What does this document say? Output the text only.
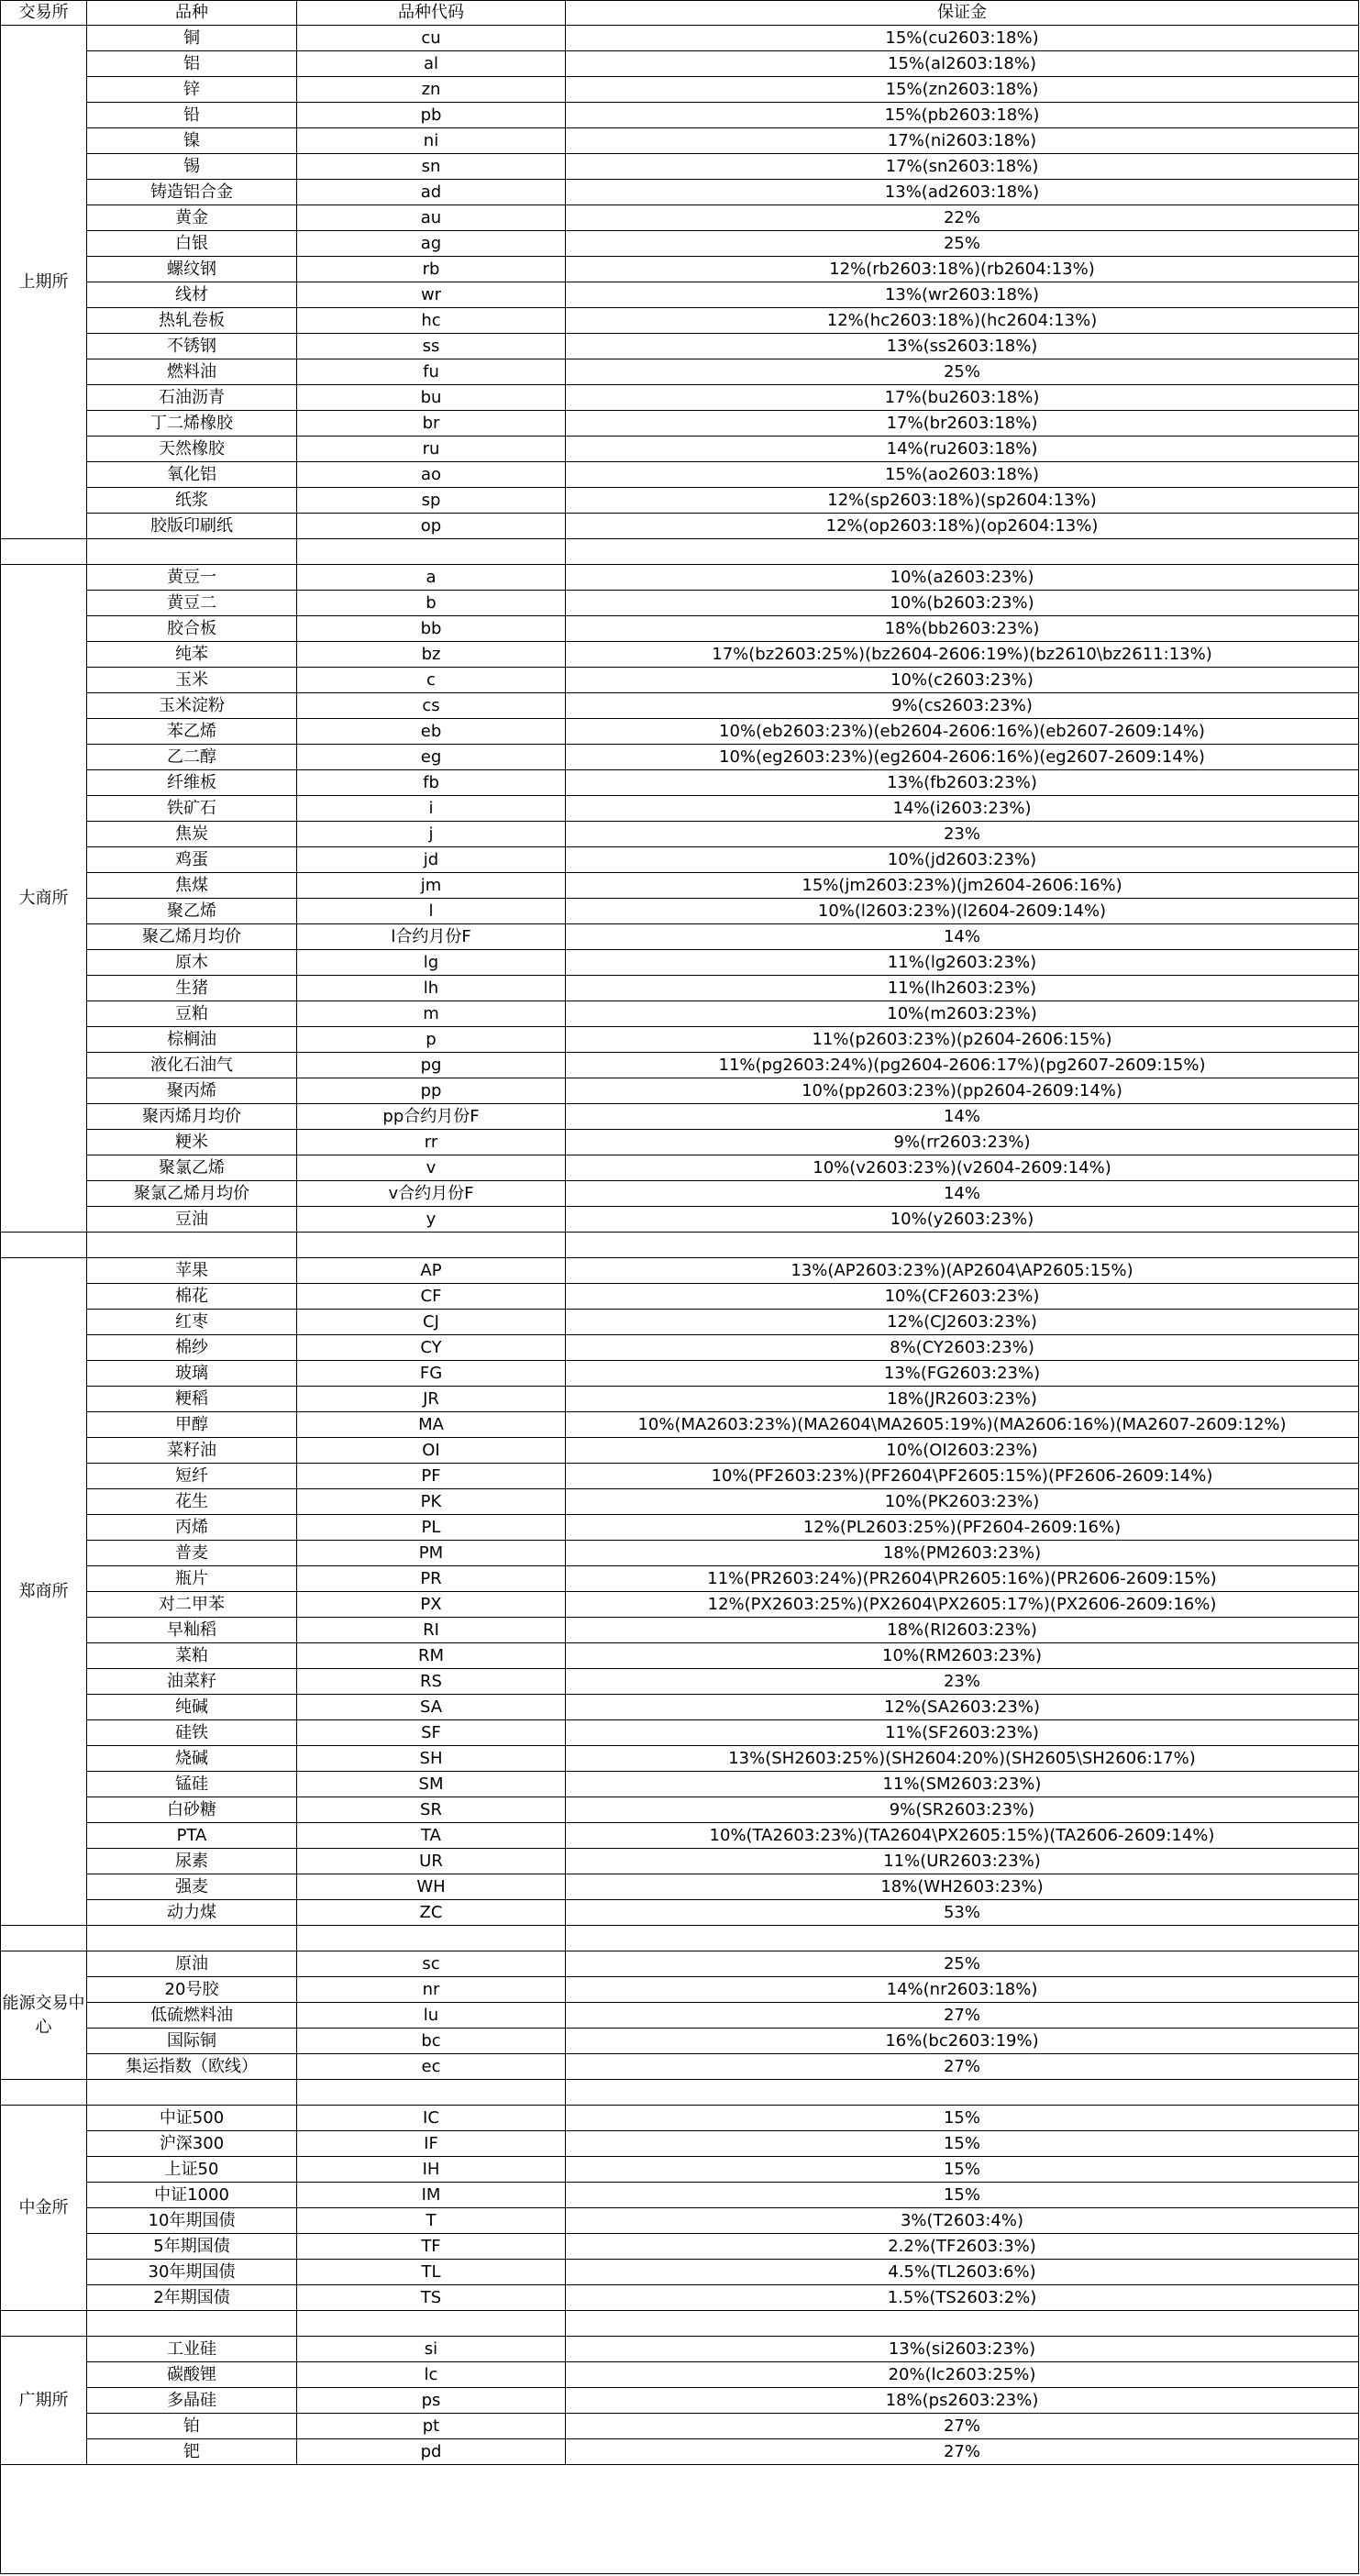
交易所	品种	品种代码	保证金
上期所	铜	cu	15%(cu2603:18%)
	铝	al	15%(al2603:18%)
	锌	zn	15%(zn2603:18%)
	铅	pb	15%(pb2603:18%)
	镍	ni	17%(ni2603:18%)
	锡	sn	17%(sn2603:18%)
	铸造铝合金	ad	13%(ad2603:18%)
	黄金	au	22%
	白银	ag	25%
	螺纹钢	rb	12%(rb2603:18%)(rb2604:13%)
	线材	wr	13%(wr2603:18%)
	热轧卷板	hc	12%(hc2603:18%)(hc2604:13%)
	不锈钢	ss	13%(ss2603:18%)
	燃料油	fu	25%
	石油沥青	bu	17%(bu2603:18%)
	丁二烯橡胶	br	17%(br2603:18%)
	天然橡胶	ru	14%(ru2603:18%)
	氧化铝	ao	15%(ao2603:18%)
	纸浆	sp	12%(sp2603:18%)(sp2604:13%)
	胶版印刷纸	op	12%(op2603:18%)(op2604:13%)

大商所	黄豆一	a	10%(a2603:23%)
	黄豆二	b	10%(b2603:23%)
	胶合板	bb	18%(bb2603:23%)
	纯苯	bz	17%(bz2603:25%)(bz2604-2606:19%)(bz2610\bz2611:13%)
	玉米	c	10%(c2603:23%)
	玉米淀粉	cs	9%(cs2603:23%)
	苯乙烯	eb	10%(eb2603:23%)(eb2604-2606:16%)(eb2607-2609:14%)
	乙二醇	eg	10%(eg2603:23%)(eg2604-2606:16%)(eg2607-2609:14%)
	纤维板	fb	13%(fb2603:23%)
	铁矿石	i	14%(i2603:23%)
	焦炭	j	23%
	鸡蛋	jd	10%(jd2603:23%)
	焦煤	jm	15%(jm2603:23%)(jm2604-2606:16%)
	聚乙烯	l	10%(l2603:23%)(l2604-2609:14%)
	聚乙烯月均价	l合约月份F	14%
	原木	lg	11%(lg2603:23%)
	生猪	lh	11%(lh2603:23%)
	豆粕	m	10%(m2603:23%)
	棕榈油	p	11%(p2603:23%)(p2604-2606:15%)
	液化石油气	pg	11%(pg2603:24%)(pg2604-2606:17%)(pg2607-2609:15%)
	聚丙烯	pp	10%(pp2603:23%)(pp2604-2609:14%)
	聚丙烯月均价	pp合约月份F	14%
	粳米	rr	9%(rr2603:23%)
	聚氯乙烯	v	10%(v2603:23%)(v2604-2609:14%)
	聚氯乙烯月均价	v合约月份F	14%
	豆油	y	10%(y2603:23%)

郑商所	苹果	AP	13%(AP2603:23%)(AP2604\AP2605:15%)
	棉花	CF	10%(CF2603:23%)
	红枣	CJ	12%(CJ2603:23%)
	棉纱	CY	8%(CY2603:23%)
	玻璃	FG	13%(FG2603:23%)
	粳稻	JR	18%(JR2603:23%)
	甲醇	MA	10%(MA2603:23%)(MA2604\MA2605:19%)(MA2606:16%)(MA2607-2609:12%)
	菜籽油	OI	10%(OI2603:23%)
	短纤	PF	10%(PF2603:23%)(PF2604\PF2605:15%)(PF2606-2609:14%)
	花生	PK	10%(PK2603:23%)
	丙烯	PL	12%(PL2603:25%)(PF2604-2609:16%)
	普麦	PM	18%(PM2603:23%)
	瓶片	PR	11%(PR2603:24%)(PR2604\PR2605:16%)(PR2606-2609:15%)
	对二甲苯	PX	12%(PX2603:25%)(PX2604\PX2605:17%)(PX2606-2609:16%)
	早籼稻	RI	18%(RI2603:23%)
	菜粕	RM	10%(RM2603:23%)
	油菜籽	RS	23%
	纯碱	SA	12%(SA2603:23%)
	硅铁	SF	11%(SF2603:23%)
	烧碱	SH	13%(SH2603:25%)(SH2604:20%)(SH2605\SH2606:17%)
	锰硅	SM	11%(SM2603:23%)
	白砂糖	SR	9%(SR2603:23%)
	PTA	TA	10%(TA2603:23%)(TA2604\PX2605:15%)(TA2606-2609:14%)
	尿素	UR	11%(UR2603:23%)
	强麦	WH	18%(WH2603:23%)
	动力煤	ZC	53%

能源交易中心	原油	sc	25%
	20号胶	nr	14%(nr2603:18%)
	低硫燃料油	lu	27%
	国际铜	bc	16%(bc2603:19%)
	集运指数（欧线）	ec	27%

中金所	中证500	IC	15%
	沪深300	IF	15%
	上证50	IH	15%
	中证1000	IM	15%
	10年期国债	T	3%(T2603:4%)
	5年期国债	TF	2.2%(TF2603:3%)
	30年期国债	TL	4.5%(TL2603:6%)
	2年期国债	TS	1.5%(TS2603:2%)

广期所	工业硅	si	13%(si2603:23%)
	碳酸锂	lc	20%(lc2603:25%)
	多晶硅	ps	18%(ps2603:23%)
	铂	pt	27%
	钯	pd	27%
